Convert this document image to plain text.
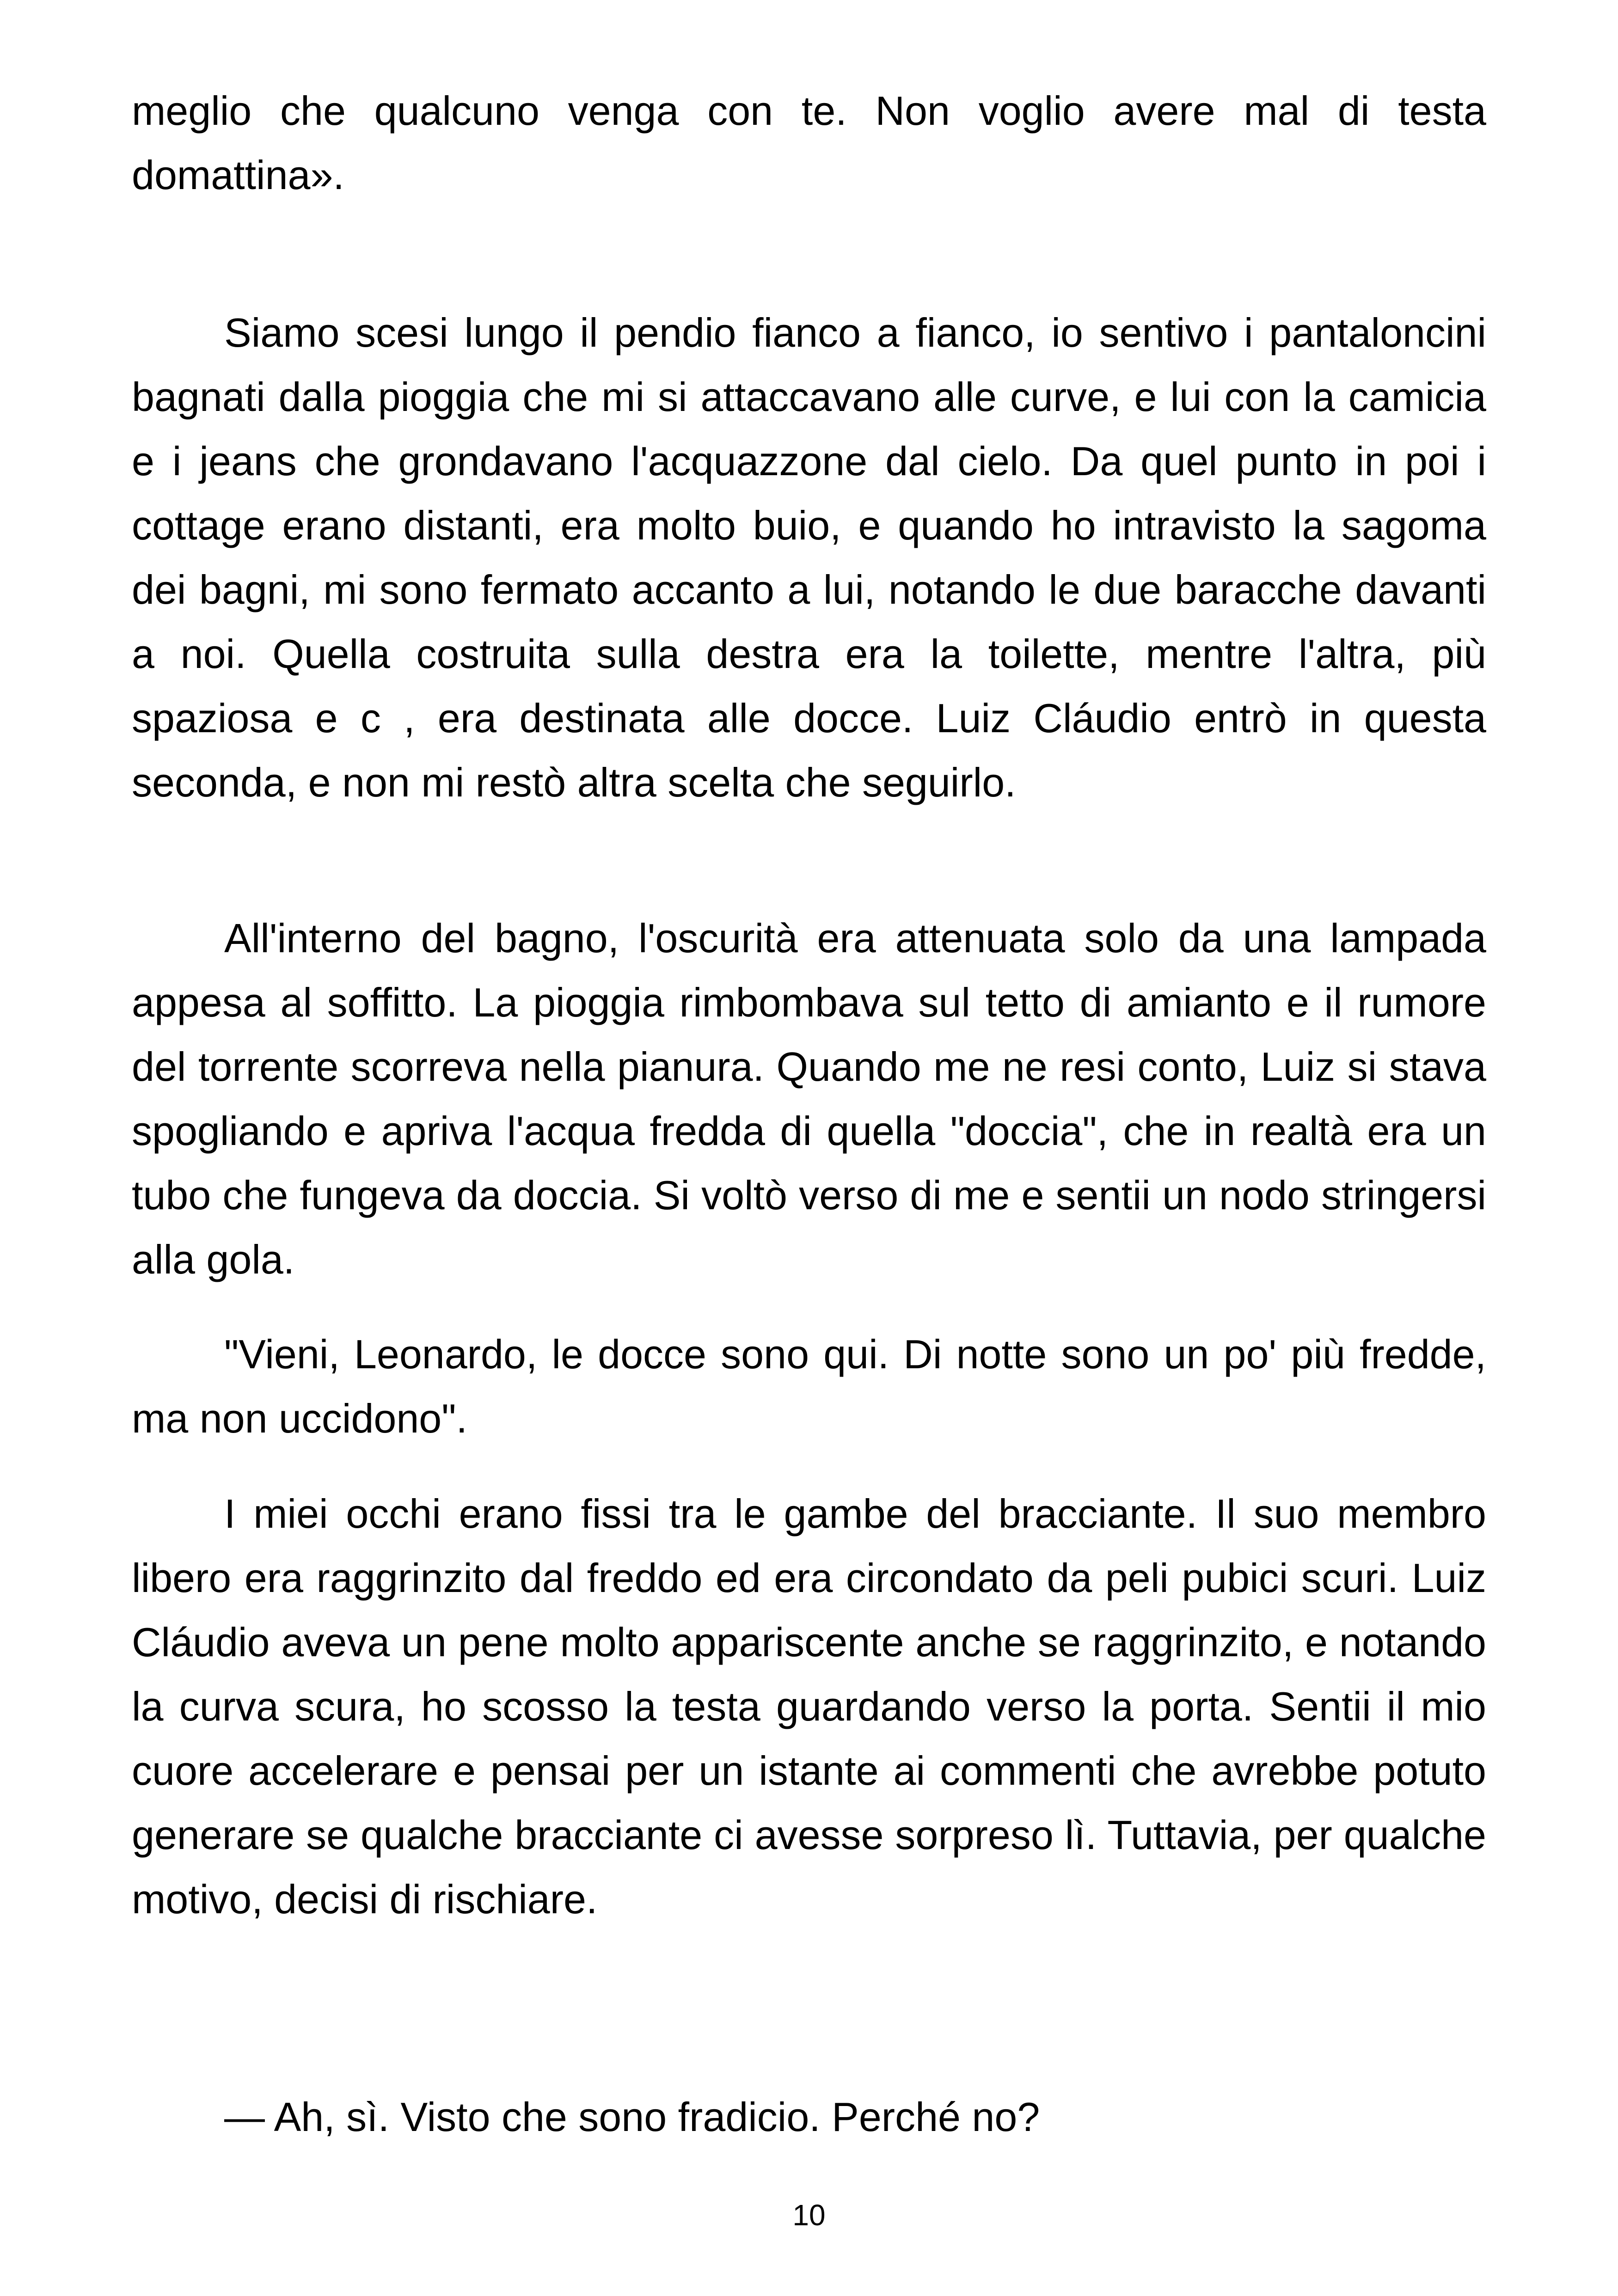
meglio che qualcuno venga con te. Non voglio avere mal di testa domattina».

Siamo scesi lungo il pendio fianco a fianco, io sentivo i pantaloncini bagnati dalla pioggia che mi si attaccavano alle curve, e lui con la camicia e i jeans che grondavano l'acquazzone dal cielo. Da quel punto in poi i cottage erano distanti, era molto buio, e quando ho intravisto la sagoma dei bagni, mi sono fermato accanto a lui, notando le due baracche davanti a noi. Quella costruita sulla destra era la toilette, mentre l'altra, più spaziosa e c , era destinata alle docce. Luiz Cláudio entrò in questa seconda, e non mi restò altra scelta che seguirlo.

All'interno del bagno, l'oscurità era attenuata solo da una lampada appesa al soffitto. La pioggia rimbombava sul tetto di amianto e il rumore del torrente scorreva nella pianura. Quando me ne resi conto, Luiz si stava spogliando e apriva l'acqua fredda di quella "doccia", che in realtà era un tubo che fungeva da doccia. Si voltò verso di me e sentii un nodo stringersi alla gola.

"Vieni, Leonardo, le docce sono qui. Di notte sono un po' più fredde, ma non uccidono".

I miei occhi erano fissi tra le gambe del bracciante. Il suo membro libero era raggrinzito dal freddo ed era circondato da peli pubici scuri. Luiz Cláudio aveva un pene molto appariscente anche se raggrinzito, e notando la curva scura, ho scosso la testa guardando verso la porta. Sentii il mio cuore accelerare e pensai per un istante ai commenti che avrebbe potuto generare se qualche bracciante ci avesse sorpreso lì. Tuttavia, per qualche motivo, decisi di rischiare.

— Ah, sì. Visto che sono fradicio. Perché no?

10
